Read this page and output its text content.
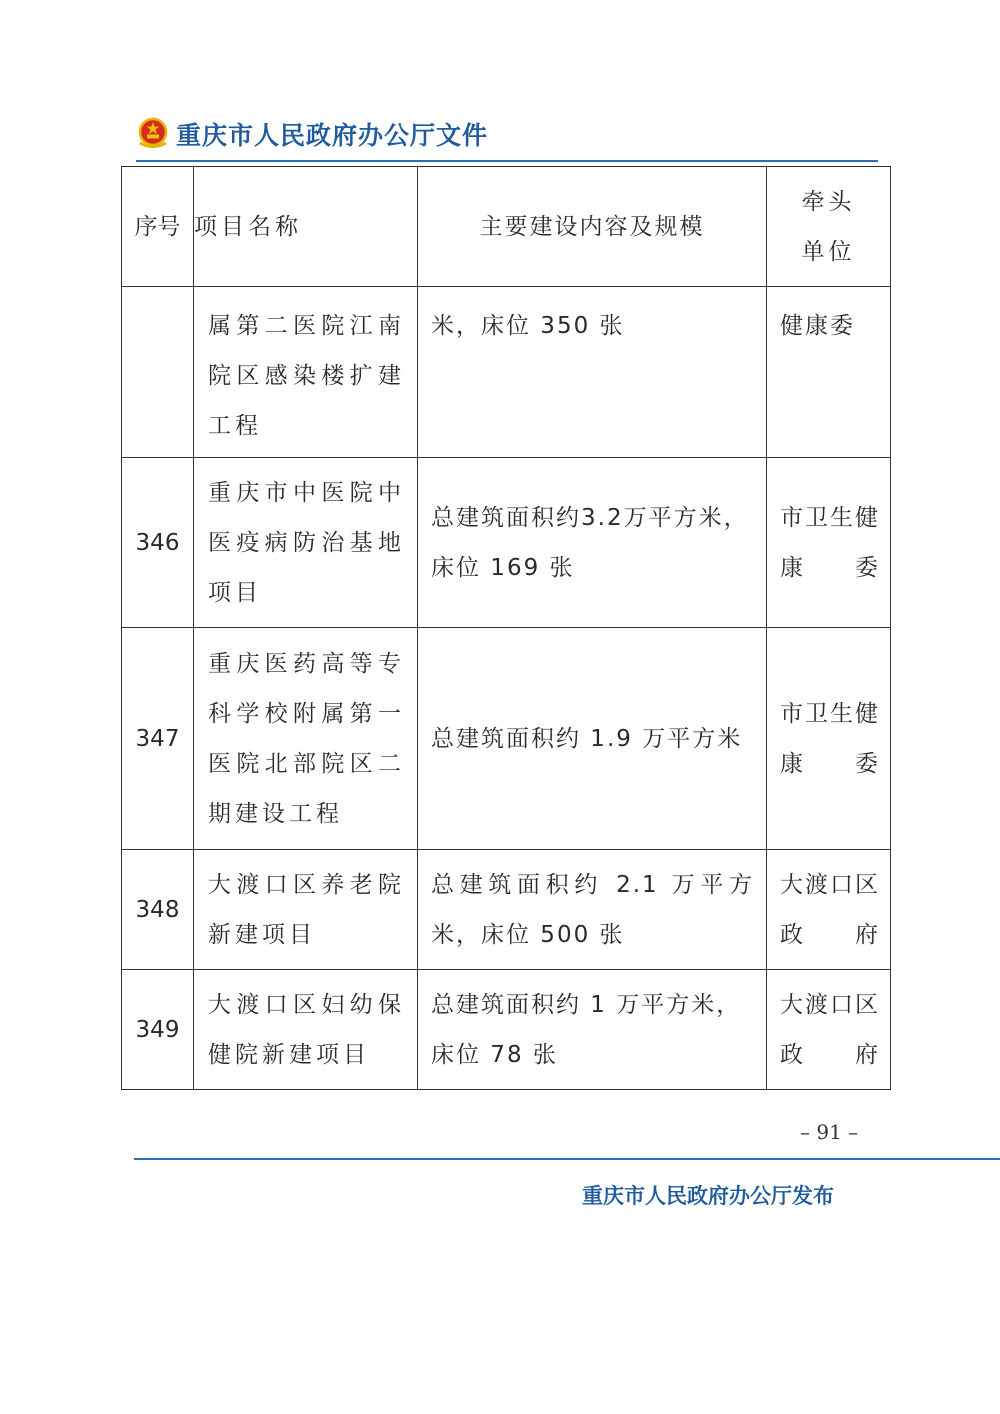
重庆市人民政府办公厅文件
序号	项目名称	主要建设内容及规模	牵头单位

	属第二医院江南院区感染楼扩建工程	米，床位 350 张	健康委
346	重庆市中医院中医疫病防治基地项目	总建筑面积约3.2万平方米，床位 169 张	市卫生健康委
347	重庆医药高等专科学校附属第一医院北部院区二期建设工程	总建筑面积约 1.9 万平方米	市卫生健康委
348	大渡口区养老院新建项目	总建筑面积约 2.1 万平方米，床位 500 张	大渡口区政府
349	大渡口区妇幼保健院新建项目	总建筑面积约 1 万平方米，床位 78 张	大渡口区政府
– 91 –
重庆市人民政府办公厅发布
